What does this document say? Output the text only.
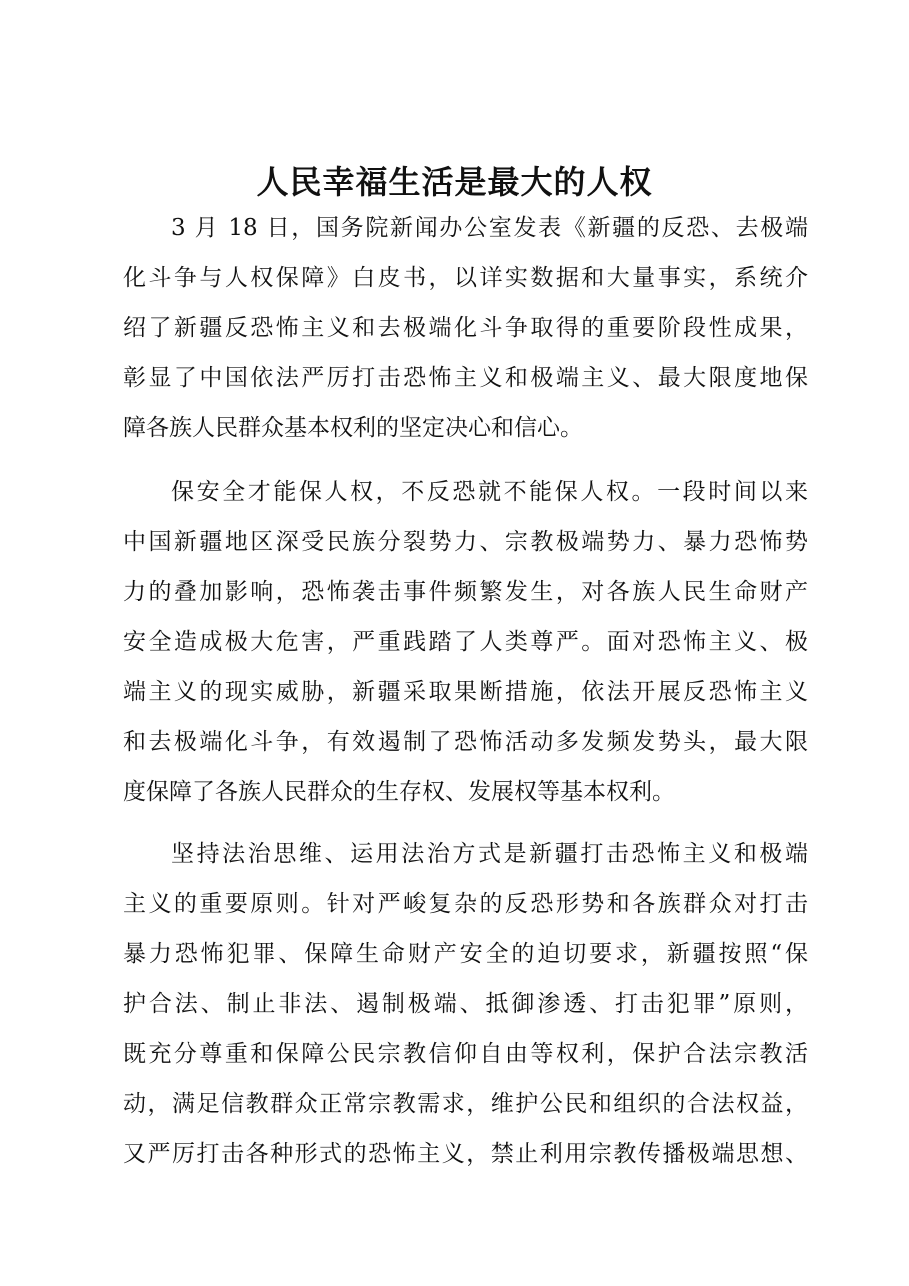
人民幸福生活是最大的人权
3 月 18 日，国务院新闻办公室发表《新疆的反恐、去极端
化斗争与人权保障》白皮书，以详实数据和大量事实，系统介
绍了新疆反恐怖主义和去极端化斗争取得的重要阶段性成果，
彰显了中国依法严厉打击恐怖主义和极端主义、最大限度地保
障各族人民群众基本权利的坚定决心和信心。
保安全才能保人权，不反恐就不能保人权。一段时间以来
中国新疆地区深受民族分裂势力、宗教极端势力、暴力恐怖势
力的叠加影响，恐怖袭击事件频繁发生，对各族人民生命财产
安全造成极大危害，严重践踏了人类尊严。面对恐怖主义、极
端主义的现实威胁，新疆采取果断措施，依法开展反恐怖主义
和去极端化斗争，有效遏制了恐怖活动多发频发势头，最大限
度保障了各族人民群众的生存权、发展权等基本权利。
坚持法治思维、运用法治方式是新疆打击恐怖主义和极端
主义的重要原则。针对严峻复杂的反恐形势和各族群众对打击
暴力恐怖犯罪、保障生命财产安全的迫切要求，新疆按照“保
护合法、制止非法、遏制极端、抵御渗透、打击犯罪”原则，
既充分尊重和保障公民宗教信仰自由等权利，保护合法宗教活
动，满足信教群众正常宗教需求，维护公民和组织的合法权益，
又严厉打击各种形式的恐怖主义，禁止利用宗教传播极端思想、
